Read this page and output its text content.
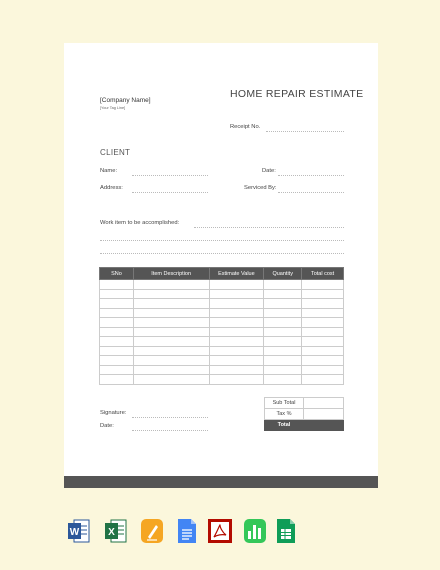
HOME REPAIR ESTIMATE
[Company Name]
[Your Tag Line]
Receipt No.
CLIENT
Name:	Date:
Address:	Serviced By:
Work item to be accomplished:
SNo	Item Description	Estimate Value	Quantity	Total cost

Sub Total	
Tax %	
Total	
Signature:
Date:
W	X
